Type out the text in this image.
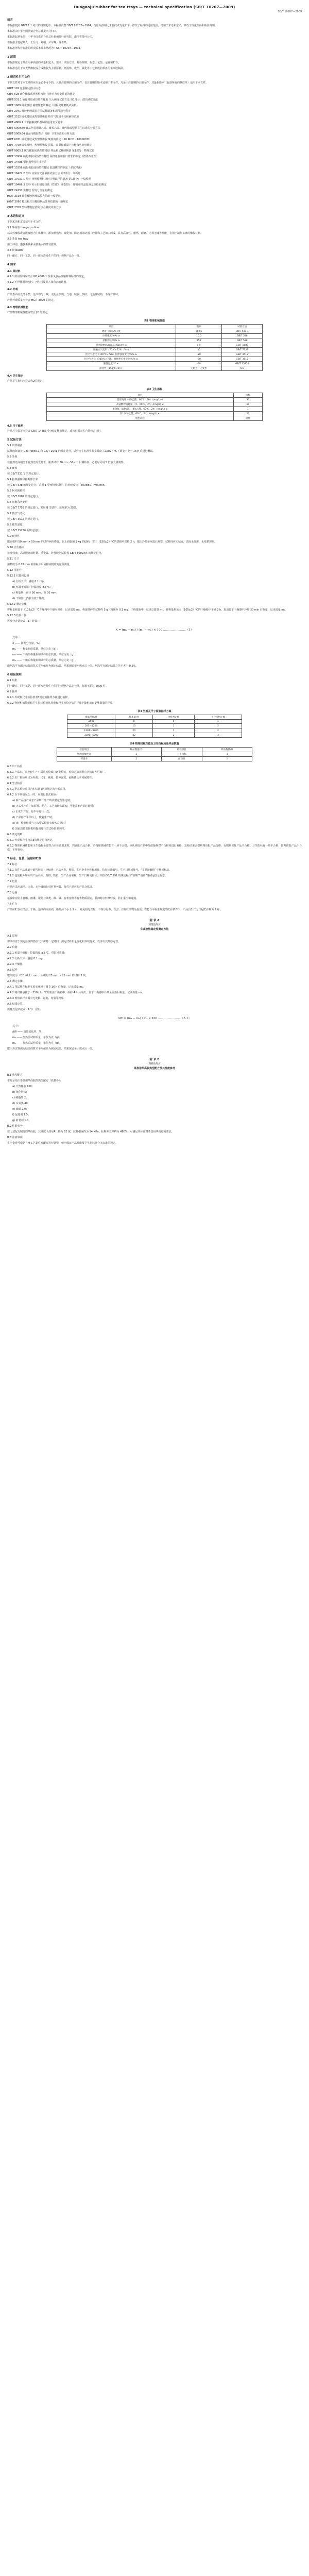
Huagaoju rubber for tea trays — technical specification (SB/T 10207—2009)
SB/T 10207—2009
前言
本标准按照 GB/T 1.1 给出的规则起草。本标准代替 SB/T 10207—1994，与原标准相比主要技术变化如下：修改了标准的适用范围，增加了术语和定义，修改了理化指标和检验规则。
本标准由中华全国供销合作总社提出并归口。
本标准起草单位：中华全国供销合作总社杭州茶叶研究院、浙江省茶叶公司。
本标准主要起草人：王岳飞、刘栩、尹军峰、许勇泉。
本标准所代替标准的历次版本发布情况为：SB/T 10207—1994。
1 范围
本标准规定了茶盘用华高胶的术语和定义、要求、试验方法、检验规则、标志、包装、运输和贮存。
本标准适用于以天然橡胶或合成橡胶为主要原料，经混炼、成型、硫化等工艺制成的茶盘用华高胶制品。
2 规范性引用文件
下列文件对于本文件的应用是必不可少的。凡是注日期的引用文件，仅注日期的版本适用于本文件。凡是不注日期的引用文件，其最新版本（包括所有的修改单）适用于本文件。
GB/T 191 包装储运图示标志
GB/T 528 硫化橡胶或热塑性橡胶 拉伸应力应变性能的测定
GB/T 531.1 硫化橡胶或热塑性橡胶 压入硬度试验方法 第1部分：邵氏硬度计法
GB/T 1689 硫化橡胶 耐磨性能的测定（用阿克隆磨耗试验机）
GB/T 2941 橡胶物理试验方法试样制备和调节通用程序
GB/T 3512 硫化橡胶或热塑性橡胶 热空气加速老化和耐热试验
GB/T 4806.1 食品接触材料及制品通用安全要求
GB/T 5009.60 食品包装用聚乙烯、聚苯乙烯、聚丙烯成型品卫生标准的分析方法
GB/T 5009.64 食品用橡胶垫片（圈）卫生标准的分析方法
GB/T 6031 硫化橡胶或热塑性橡胶 硬度的测定（10 IRHD～100 IRHD）
GB/T 7759 硫化橡胶、热塑性橡胶 常温、高温和低温下压缩永久变形测定
GB/T 9865.1 硫化橡胶或热塑性橡胶 样品和试样的制备 第1部分：物理试验
GB/T 13934 硫化橡胶或热塑性橡胶 屈挠龟裂和裂口增长的测定（德墨西亚型）
GB/T 14486 塑料模塑件尺寸公差
GB/T 15256 硫化橡胶或热塑性橡胶 低温脆性的测定（多试样法）
GB/T 16422.2 塑料 实验室光源暴露试验方法 第2部分：氙弧灯
GB/T 17037.1 塑料 热塑性塑料材料注塑试样的制备 第1部分：一般原理
GB/T 19466.3 塑料 差示扫描量热法（DSC） 第3部分：熔融和结晶温度及热焓的测定
GB/T 24131 生橡胶 挥发分含量的测定
HG/T 2198 硫化橡胶物理试验方法的一般要求
HG/T 3090 模压和压出橡胶制品外观质量的一般规定
QB/T 2358 塑料薄膜包装袋 热合强度试验方法
3 术语和定义
下列术语和定义适用于本文件。
3.1 华高胶 huagao rubber
以天然橡胶或合成橡胶为主体材料，添加补强剂、硫化剂、防老剂等助剂，经特殊工艺加工而成，具有高弹性、耐热、耐磨、无毒无味等性能，专用于制作茶盘的橡胶材料。
3.2 茶盘 tea tray
用于冲泡、盛放茶具和承接茶水的盘状器具。
3.3 批 batch
同一配方、同一工艺、同一班次连续生产的同一规格产品为一批。
4 要求
4.1 原材料
4.1.1 所用原料应符合 GB 4806.1 及相关食品接触材料标准的规定。
4.1.2 不得使用回收料、再生料及对人体有害的助剂。
4.2 外观
产品表面应光滑平整，色泽均匀一致，无明显杂质、气泡、缺胶、裂纹、飞边等缺陷，不得有异味。
产品外观质量应符合 HG/T 3090 的规定。
4.3 物理机械性能
产品物理机械性能应符合表1的规定。
表1 物理机械性能
项目	指标	试验方法
硬度（邵尔A）/度	60±5	GB/T 531.1
拉伸强度/MPa ≥	10.0	GB/T 528
扯断伸长率/% ≥	350	GB/T 528
阿克隆磨耗/(cm³/1.61km) ≤	0.5	GB/T 1689
压缩永久变形（70℃×22h）/% ≤	30	GB/T 7759
热空气老化（100℃×72h）拉伸强度变化率/% ≥	-20	GB/T 3512
热空气老化（100℃×72h）扯断伸长率变化率/% ≥	-30	GB/T 3512
脆性温度/℃ ≤	-40	GB/T 15256
耐热性（150℃×2h）	无粘连、无变形	6.5
4.4 卫生指标
产品卫生指标应符合表2的规定。
表2 卫生指标
项目	指标
蒸发残渣（4%乙酸，60℃，2h）/(mg/L) ≤	30
高锰酸钾消耗量（水，60℃，2h）/(mg/L) ≤	10
重金属（以Pb计）（4%乙酸，60℃，2h）/(mg/L) ≤	1
锌（4%乙酸，60℃，2h）/(mg/L) ≤	20
脱色试验	阴性
4.5 尺寸偏差
产品尺寸偏差应符合 GB/T 14486 中 MT5 级的规定，或按供需双方合同约定执行。
5 试验方法
5.1 试样制备
试样的制备按 GB/T 9865.1 和 GB/T 2941 的规定进行，试样应在标准实验室温度（23±2）℃下调节不少于 16 h 后进行测试。
5.2 外观
在自然光或相当于自然光的光源下，距离试样 30 cm～50 cm 目测检查，必要时可用 5 倍放大镜观察。
5.3 硬度
按 GB/T 531.1 的规定进行。
5.4 拉伸强度和扯断伸长率
按 GB/T 528 的规定进行，采用 1 型哑铃状试样，拉伸速度为（500±50）mm/min。
5.5 阿克隆磨耗
按 GB/T 1689 的规定进行。
5.6 压缩永久变形
按 GB/T 7759 的规定进行，采用 B 型试样，压缩率为 25%。
5.7 热空气老化
按 GB/T 3512 的规定进行。
5.8 脆性温度
按 GB/T 15256 的规定进行。
5.9 耐热性
取面积约 50 mm × 50 mm 的试样两块叠放，在上面施加 1 kg 的砝码，置于（150±2）℃的烘箱中保持 2 h，取出冷却至室温后观察，试样间应无粘连，表面无变形、无发粘现象。
5.10 卫生指标
蒸发残渣、高锰酸钾消耗量、重金属、锌及脱色试验按 GB/T 5009.64 的规定进行。
5.11 尺寸
用精度为 0.02 mm 的游标卡尺或相应精度的量具测量。
5.12 挥发分
5.12.1 仪器和设备
a) 分析天平：感量 0.1 mg；
b) 恒温干燥箱：控温精度 ±2 ℃；
c) 称量瓶：直径 50 mm，高 30 mm；
d) 干燥器：内装有效干燥剂。
5.12.2 测定步骤
将称量瓶置于（105±2）℃干燥箱中干燥至恒重，记录质量 m₀。称取剪碎的试样约 5 g（精确至 0.1 mg）于称量瓶中，记录总质量 m₁。将称量瓶放入（105±2）℃的干燥箱中干燥 2 h，取出置于干燥器中冷却 30 min 后称量，记录质量 m₂。
5.12.3 结果计算
挥发分含量按式（1）计算：
X = (m₁ − m₂) / (m₁ − m₀) × 100 ……………………（1）
式中：
X —— 挥发分含量，%；
m₀ —— 称量瓶的质量，单位为克（g）；
m₁ —— 干燥前称量瓶和试样的总质量，单位为克（g）；
m₂ —— 干燥后称量瓶和试样的总质量，单位为克（g）。
取两次平行测定结果的算术平均值作为测定结果，结果保留至小数点后一位。两次平行测定结果之差不大于 0.2%。
6 检验规则
6.1 组批
同一配方、同一工艺、同一班次连续生产的同一规格产品为一批，每批不超过 5000 件。
6.2 抽样
6.2.1 外观和尺寸检验按表3规定的抽样方案进行抽样。
6.2.2 物理机械性能和卫生指标检验从外观和尺寸检验合格的样品中随机抽取足够数量的样品。
表3 外观及尺寸检验抽样方案
批量范围/件	样本量/件	合格判定数	不合格判定数
≤500	8	0	1
501～1200	13	1	2
1201～3200	20	1	2
3201～5000	32	2	3
表4 物理机械性能及卫生指标检验样品数量
检验项目	样品数量/件	检验项目	样品数量/件
物理机械性能	3	卫生指标	3
挥发分	2	耐热性	2
6.3 出厂检验
6.3.1 产品出厂前应经生产厂质量检验部门逐批检验，检验合格并附有合格证方可出厂。
6.3.2 出厂检验项目为外观、尺寸、硬度、拉伸强度、扯断伸长率和耐热性。
6.4 型式检验
6.4.1 型式检验项目为本标准第4章规定的全部项目。
6.4.2 有下列情况之一时，应进行型式检验：
a) 新产品投产或老产品转厂生产的试制定型鉴定时；
b) 正式生产后，如原料、配方、工艺有较大改变，可能影响产品性能时；
c) 正常生产时，每半年进行一次；
d) 产品停产半年以上，恢复生产时；
e) 出厂检验结果与上次型式检验有较大差异时；
f) 国家质量监督机构提出进行型式检验要求时。
6.5 判定规则
6.5.1 外观和尺寸按表3的规定进行判定。
6.5.2 物理机械性能和卫生指标全部符合本标准要求时，判该批产品合格。若物理机械性能有一项不合格，应从同批产品中加倍抽样对不合格项进行复检，复检结果合格则判该批产品合格，否则判该批产品不合格。卫生指标有一项不合格，即判该批产品不合格，不得复检。
7 标志、包装、运输和贮存
7.1 标志
7.1.1 每件产品或最小销售包装上应标明：产品名称、规格、生产企业名称和地址、执行标准编号、生产日期或批号、“食品接触用”字样或标志。
7.1.2 包装箱外应标明产品名称、规格、数量、生产企业名称、生产日期或批号，并按 GB/T 191 的规定标注“怕晒”“怕雨”等储运图示标志。
7.2 包装
产品应采用清洁、无毒、无异味的包装材料包装，每件产品应附产品合格证。
7.3 运输
运输中应防止日晒、雨淋，避免与油类、酸、碱、有机溶剂等有害物质混运，装卸时应轻拿轻放，防止重压和碰撞。
7.4 贮存
产品应贮存在清洁、干燥、通风的库房内，距热源不小于 1 m，避免阳光直射，不得与有毒、有害、有异味的物品混放。在符合本标准规定的贮存条件下，产品自生产之日起贮存期为 2 年。
附 录 A
（规范性附录）
华高胶热稳定性测定方法
A.1 原理
将试样置于规定温度的热空气中保持一定时间，测定试样质量变化和外观变化，以评价其热稳定性。
A.2 仪器
A.2.1 恒温干燥箱：控温精度 ±2 ℃，带鼓风装置；
A.2.2 分析天平：感量 0.1 mg；
A.2.3 干燥器。
A.3 试样
取厚度为（2.0±0.2）mm、面积约 25 mm × 25 mm 的试样 3 块。
A.4 测定步骤
A.4.1 将试样在标准实验室环境下调节 16 h 后称量，记录质量 m₃。
A.4.2 将试样悬挂于（150±2）℃的恒温干燥箱中，保持 4 h 后取出，置于干燥器中冷却至室温后称量，记录质量 m₄。
A.4.3 观察试样表面有无发粘、起泡、龟裂等现象。
A.5 结果计算
质量变化率按式（A.1）计算：
ΔW = (m₄ − m₃) / m₃ × 100 ……………………（A.1）
式中：
ΔW —— 质量变化率，%；
m₃ —— 加热前试样质量，单位为克（g）；
m₄ —— 加热后试样质量，单位为克（g）。
取三块试样测定结果的算术平均值作为测定结果，结果保留至小数点后一位。
附 录 B
（资料性附录）
茶盘用华高胶典型配方及其性能参考
B.1 典型配方
本附录给出茶盘用华高胶的典型配方（质量份）：
a) 天然橡胶 100；
b) 氧化锌 5；
c) 硬脂酸 2；
d) 白炭黑 40；
e) 硫磺 2.0；
f) 促进剂 1.5；
g) 防老剂 1.0。
B.2 性能参考
按上述配方制得的华高胶，其硬度（邵尔A）约为 62 度，拉伸强度约为 14 MPa，扯断伸长率约为 480%，可满足本标准对茶盘用华高胶的要求。
B.3 注意事项
生产企业可根据自身工艺条件对配方进行调整，但应保证产品性能及卫生指标符合本标准的规定。
